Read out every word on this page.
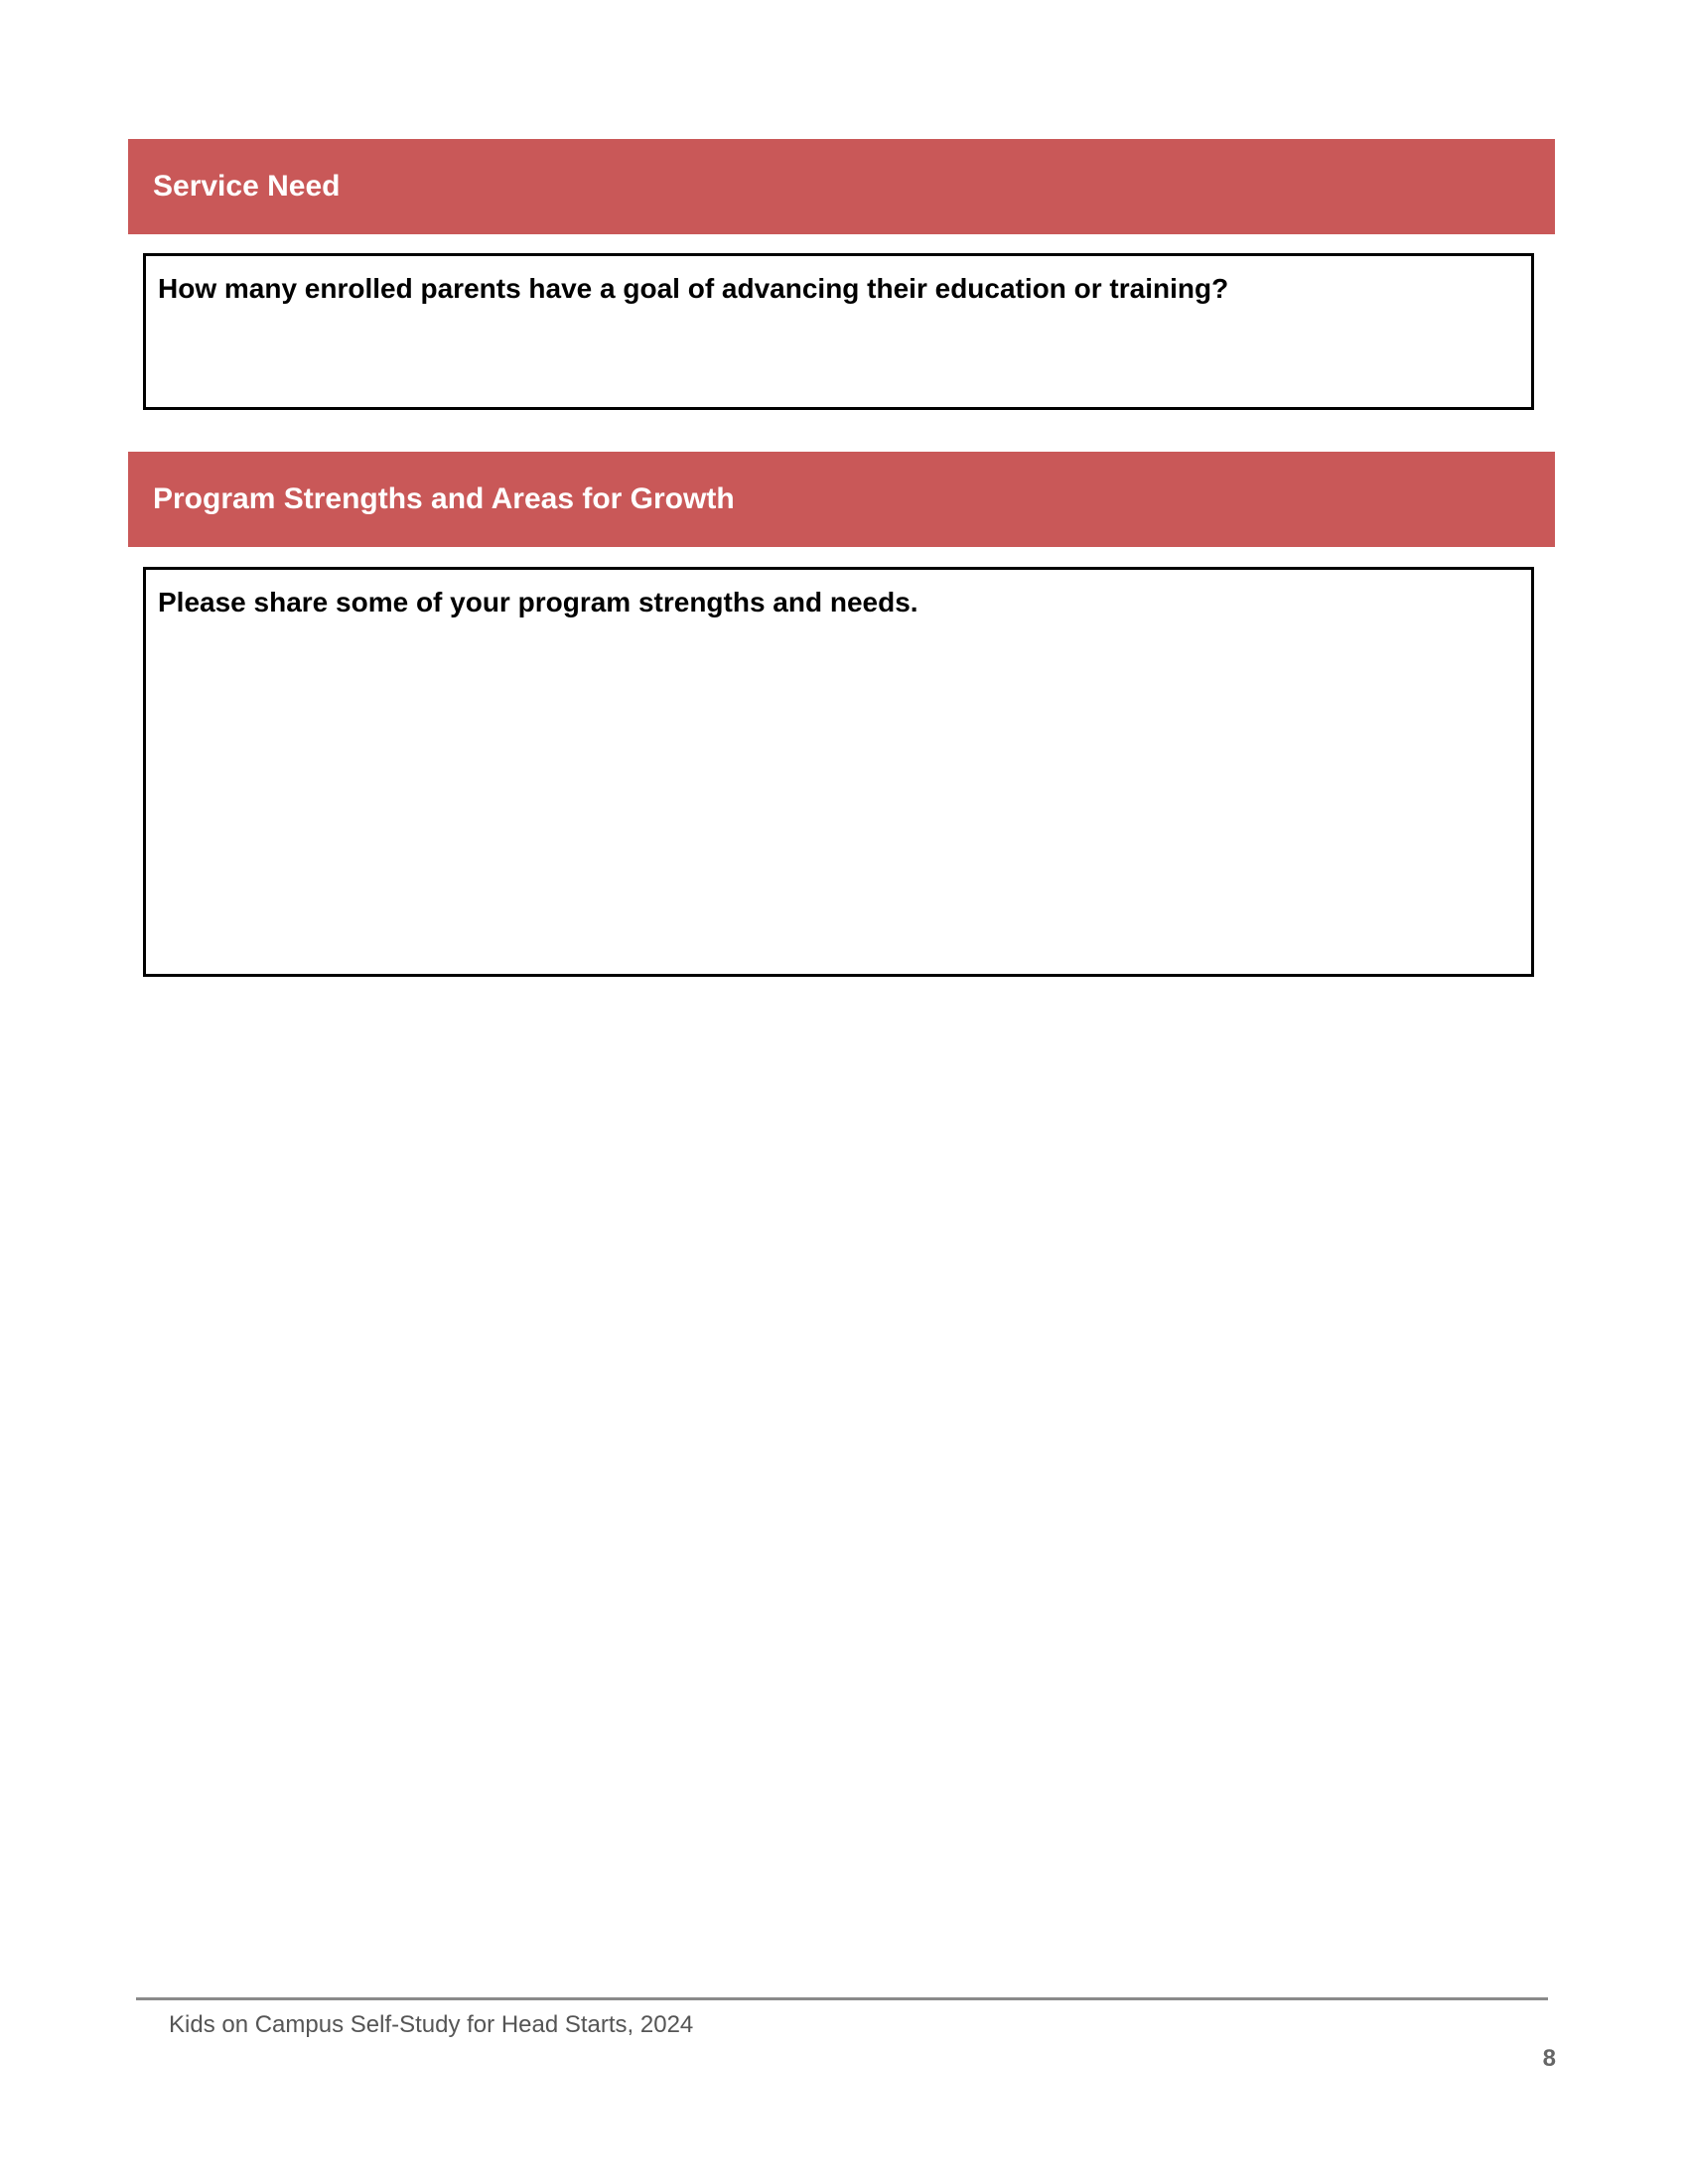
Service Need
How many enrolled parents have a goal of advancing their education or training?
Program Strengths and Areas for Growth
Please share some of your program strengths and needs.
Kids on Campus Self-Study for Head Starts, 2024
8
